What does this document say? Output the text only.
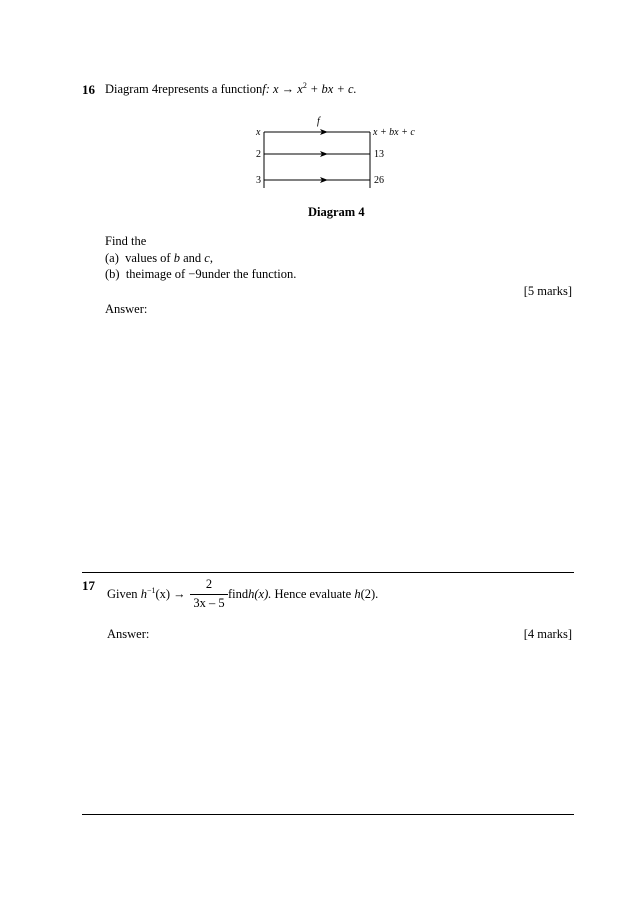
16 Diagram 4represents a functionf: $x \to x^2$ + bx + c.
x
f
x + bx + c
2	13
3	26
Diagram 4
Find the
(a) values of b and c,
(b) theimage of −9under the function.
[5 marks]
Answer:
17
Given $h^{-1}(x)$ →
2
3x – 5
findh(x). Hence evaluate h(2).
Answer:	[4 marks]
